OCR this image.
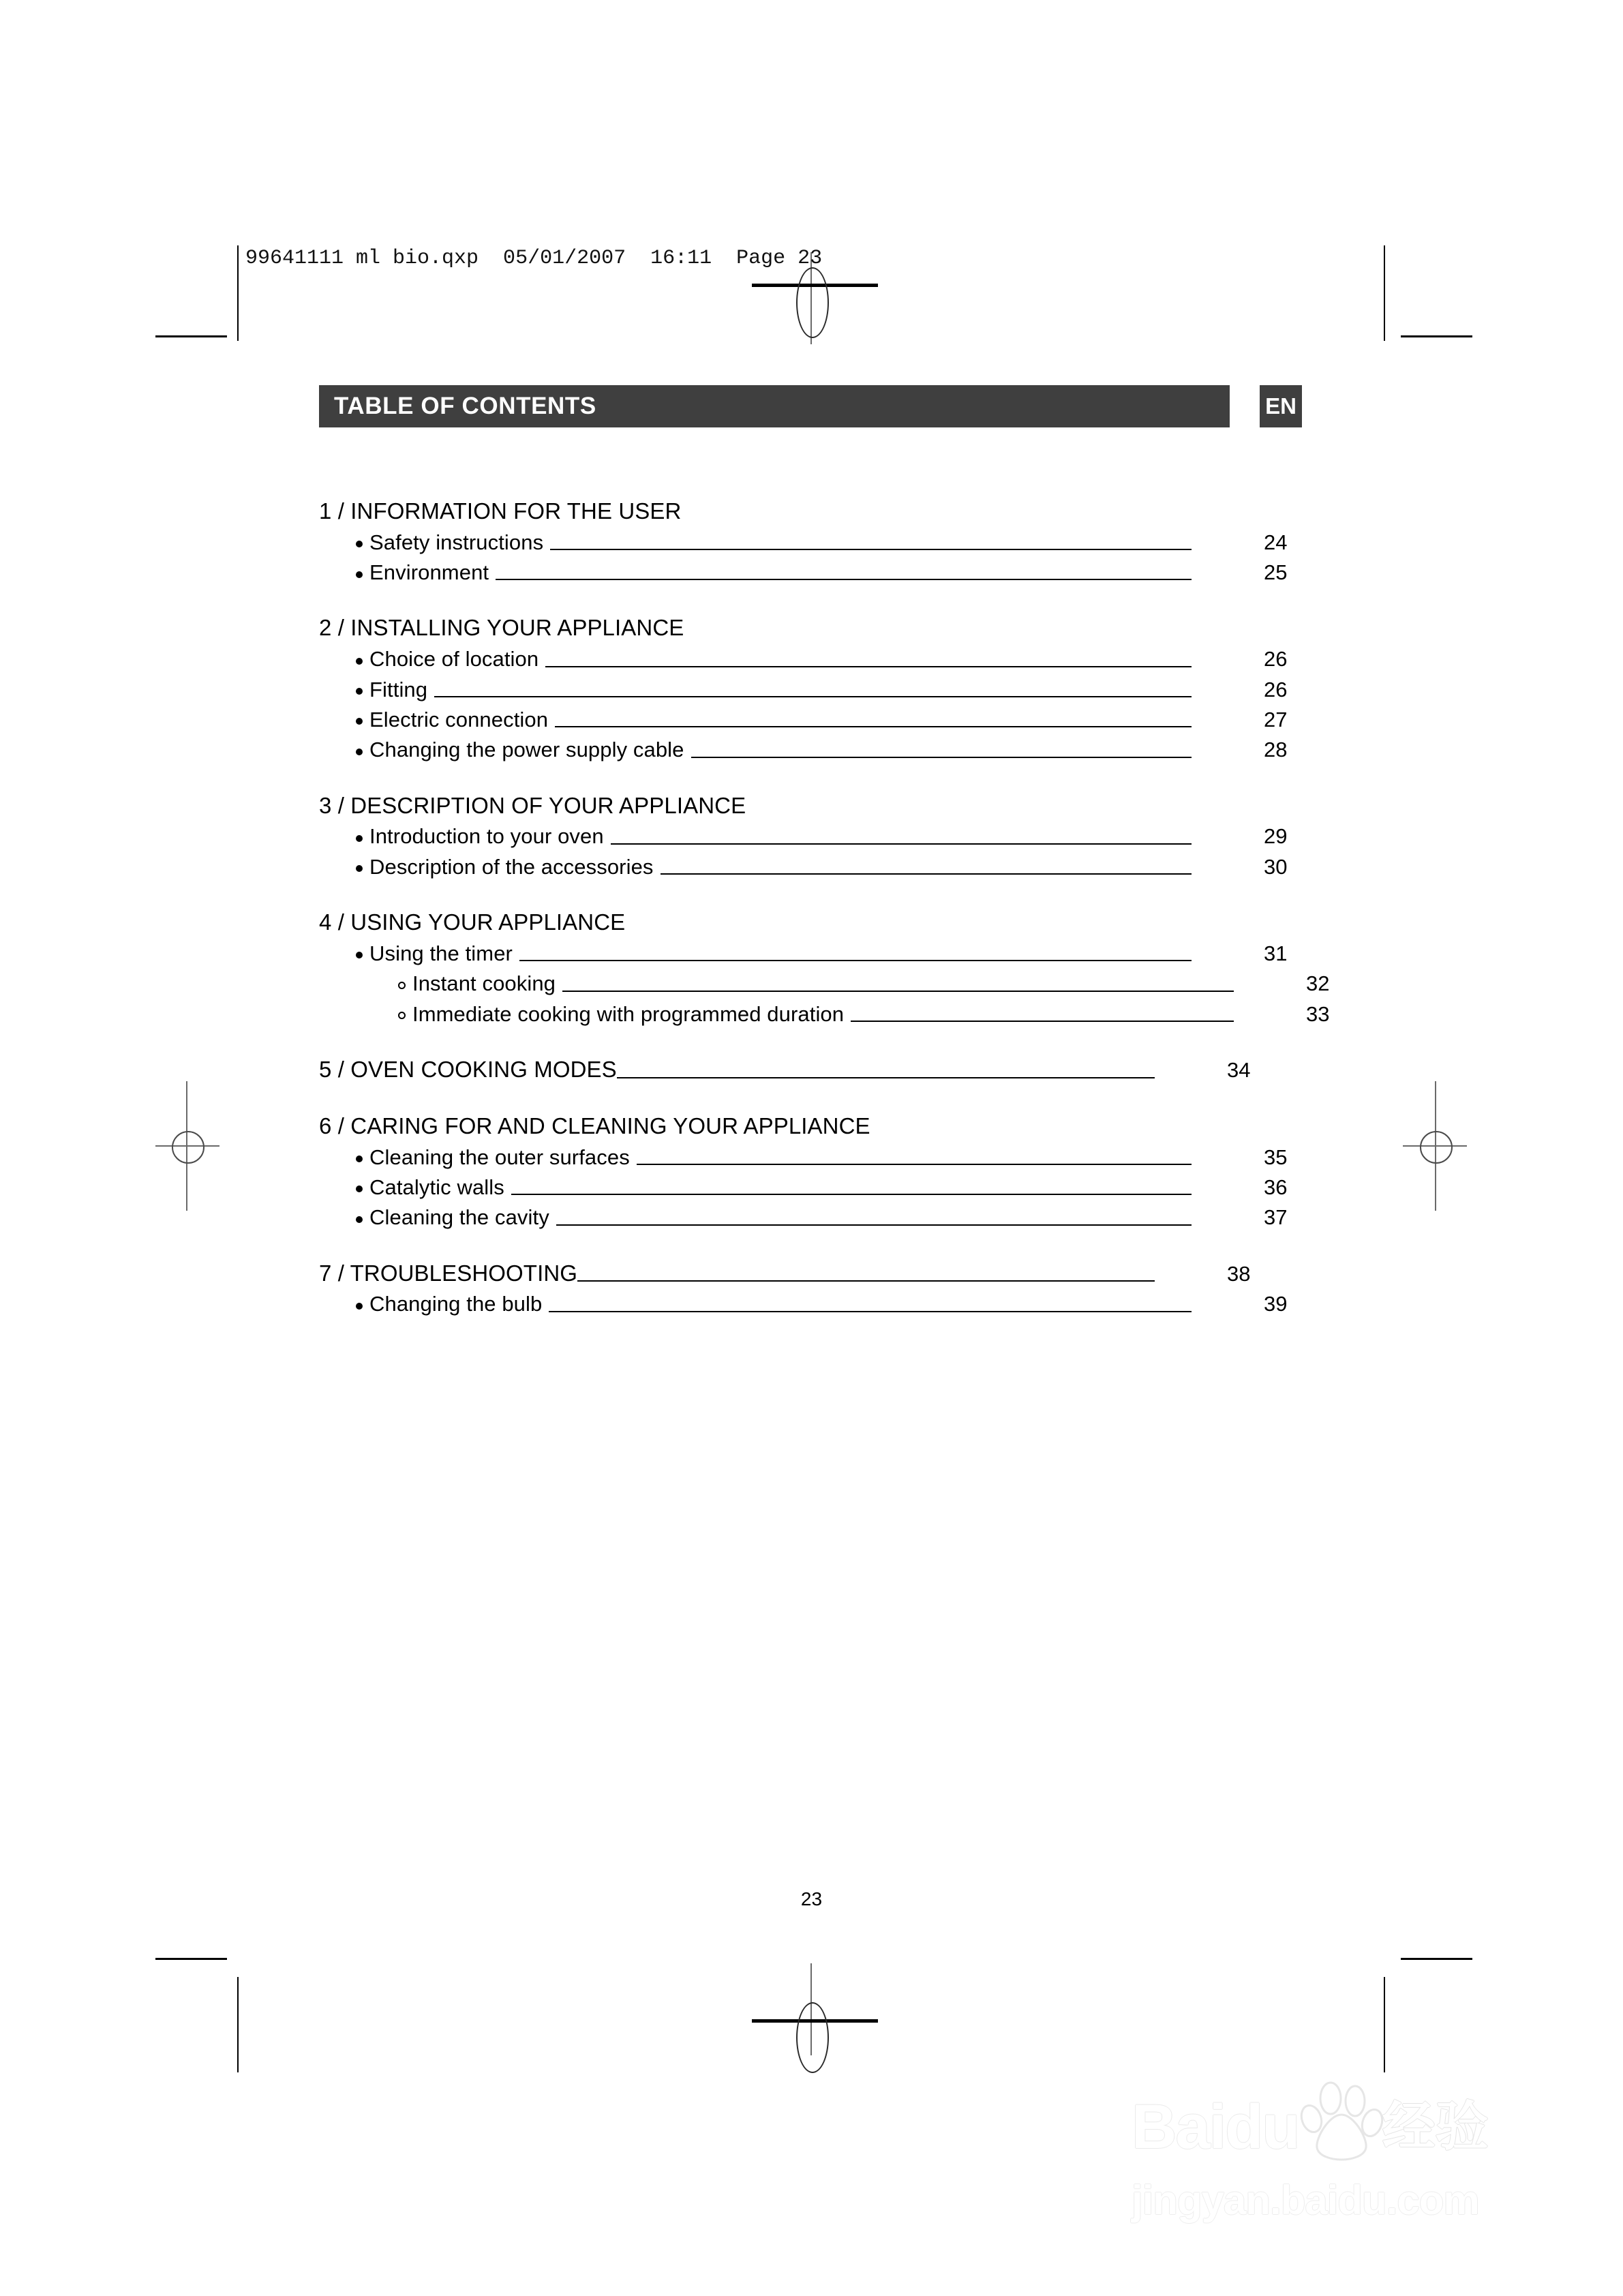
99641111 ml bio.qxp  05/01/2007  16:11  Page 23
TABLE OF CONTENTS	EN
1 / INFORMATION FOR THE USER
Safety instructions	24
Environment	25
2 / INSTALLING YOUR APPLIANCE
Choice of location	26
Fitting	26
Electric connection	27
Changing the power supply cable	28
3 / DESCRIPTION OF YOUR APPLIANCE
Introduction to your oven	29
Description of the accessories	30
4 / USING YOUR APPLIANCE
Using the timer	31
Instant cooking	32
Immediate cooking with programmed duration	33
5 / OVEN COOKING MODES	34
6 / CARING FOR AND CLEANING YOUR APPLIANCE
Cleaning the outer surfaces	35
Catalytic walls	36
Cleaning the cavity	37
7 / TROUBLESHOOTING	38
Changing the bulb	39
23
Baidu 经验
jingyan.baidu.com
